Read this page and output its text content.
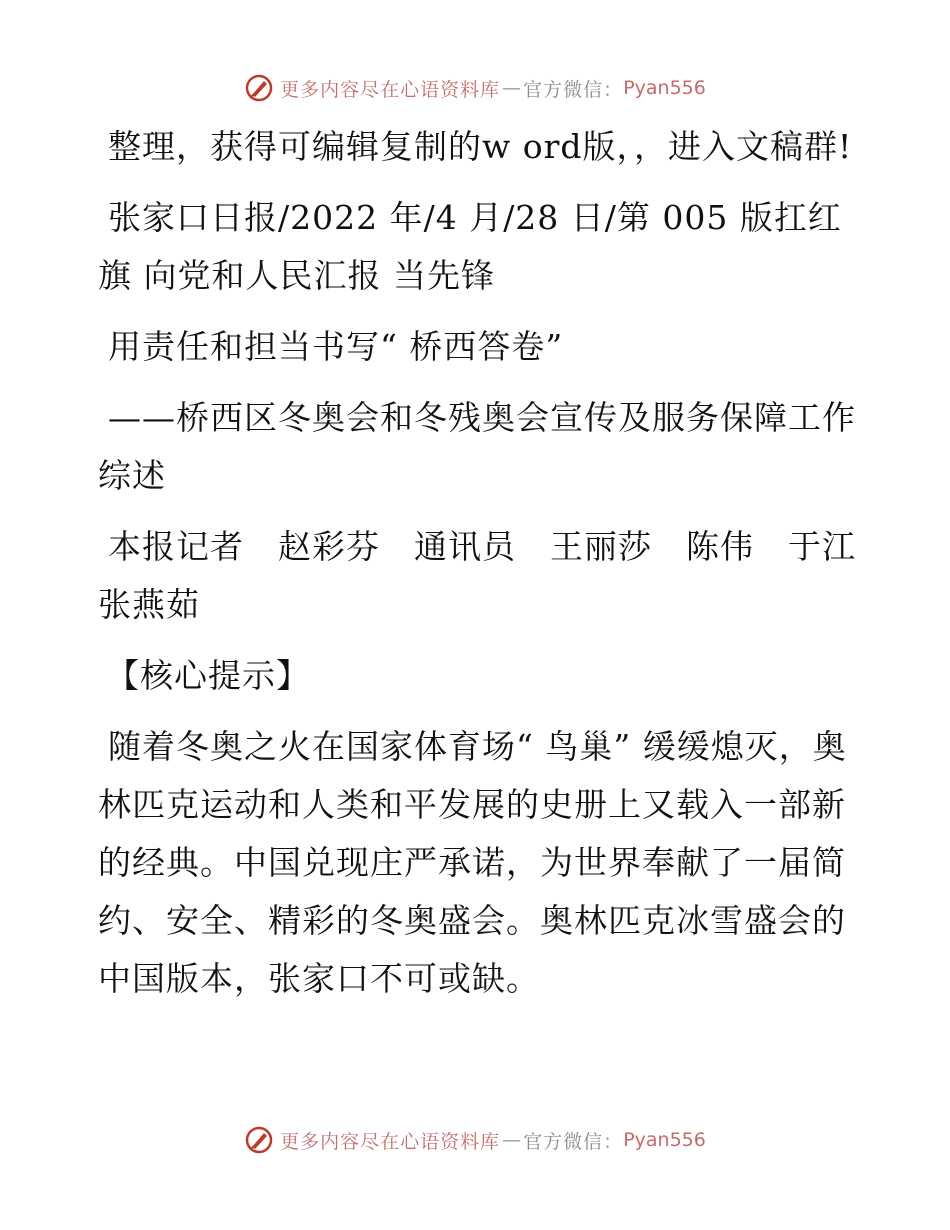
更多内容尽在心语资料库 — 官方微信： Pyan556

整理，获得可编辑复制的w ord版，，进入文稿群!

张家口日报/2022 年/4 月/28 日/第 005 版扛红旗 向党和人民汇报 当先锋

用责任和担当书写“ 桥西答卷”

——桥西区冬奥会和冬残奥会宣传及服务保障工作综述

本报记者　赵彩芬　通讯员　王丽莎　陈伟　于江　张燕茹

【核心提示】

随着冬奥之火在国家体育场“ 鸟巢” 缓缓熄灭，奥林匹克运动和人类和平发展的史册上又载入一部新的经典。中国兑现庄严承诺，为世界奉献了一届简约、安全、精彩的冬奥盛会。奥林匹克冰雪盛会的中国版本，张家口不可或缺。

更多内容尽在心语资料库 — 官方微信： Pyan556
